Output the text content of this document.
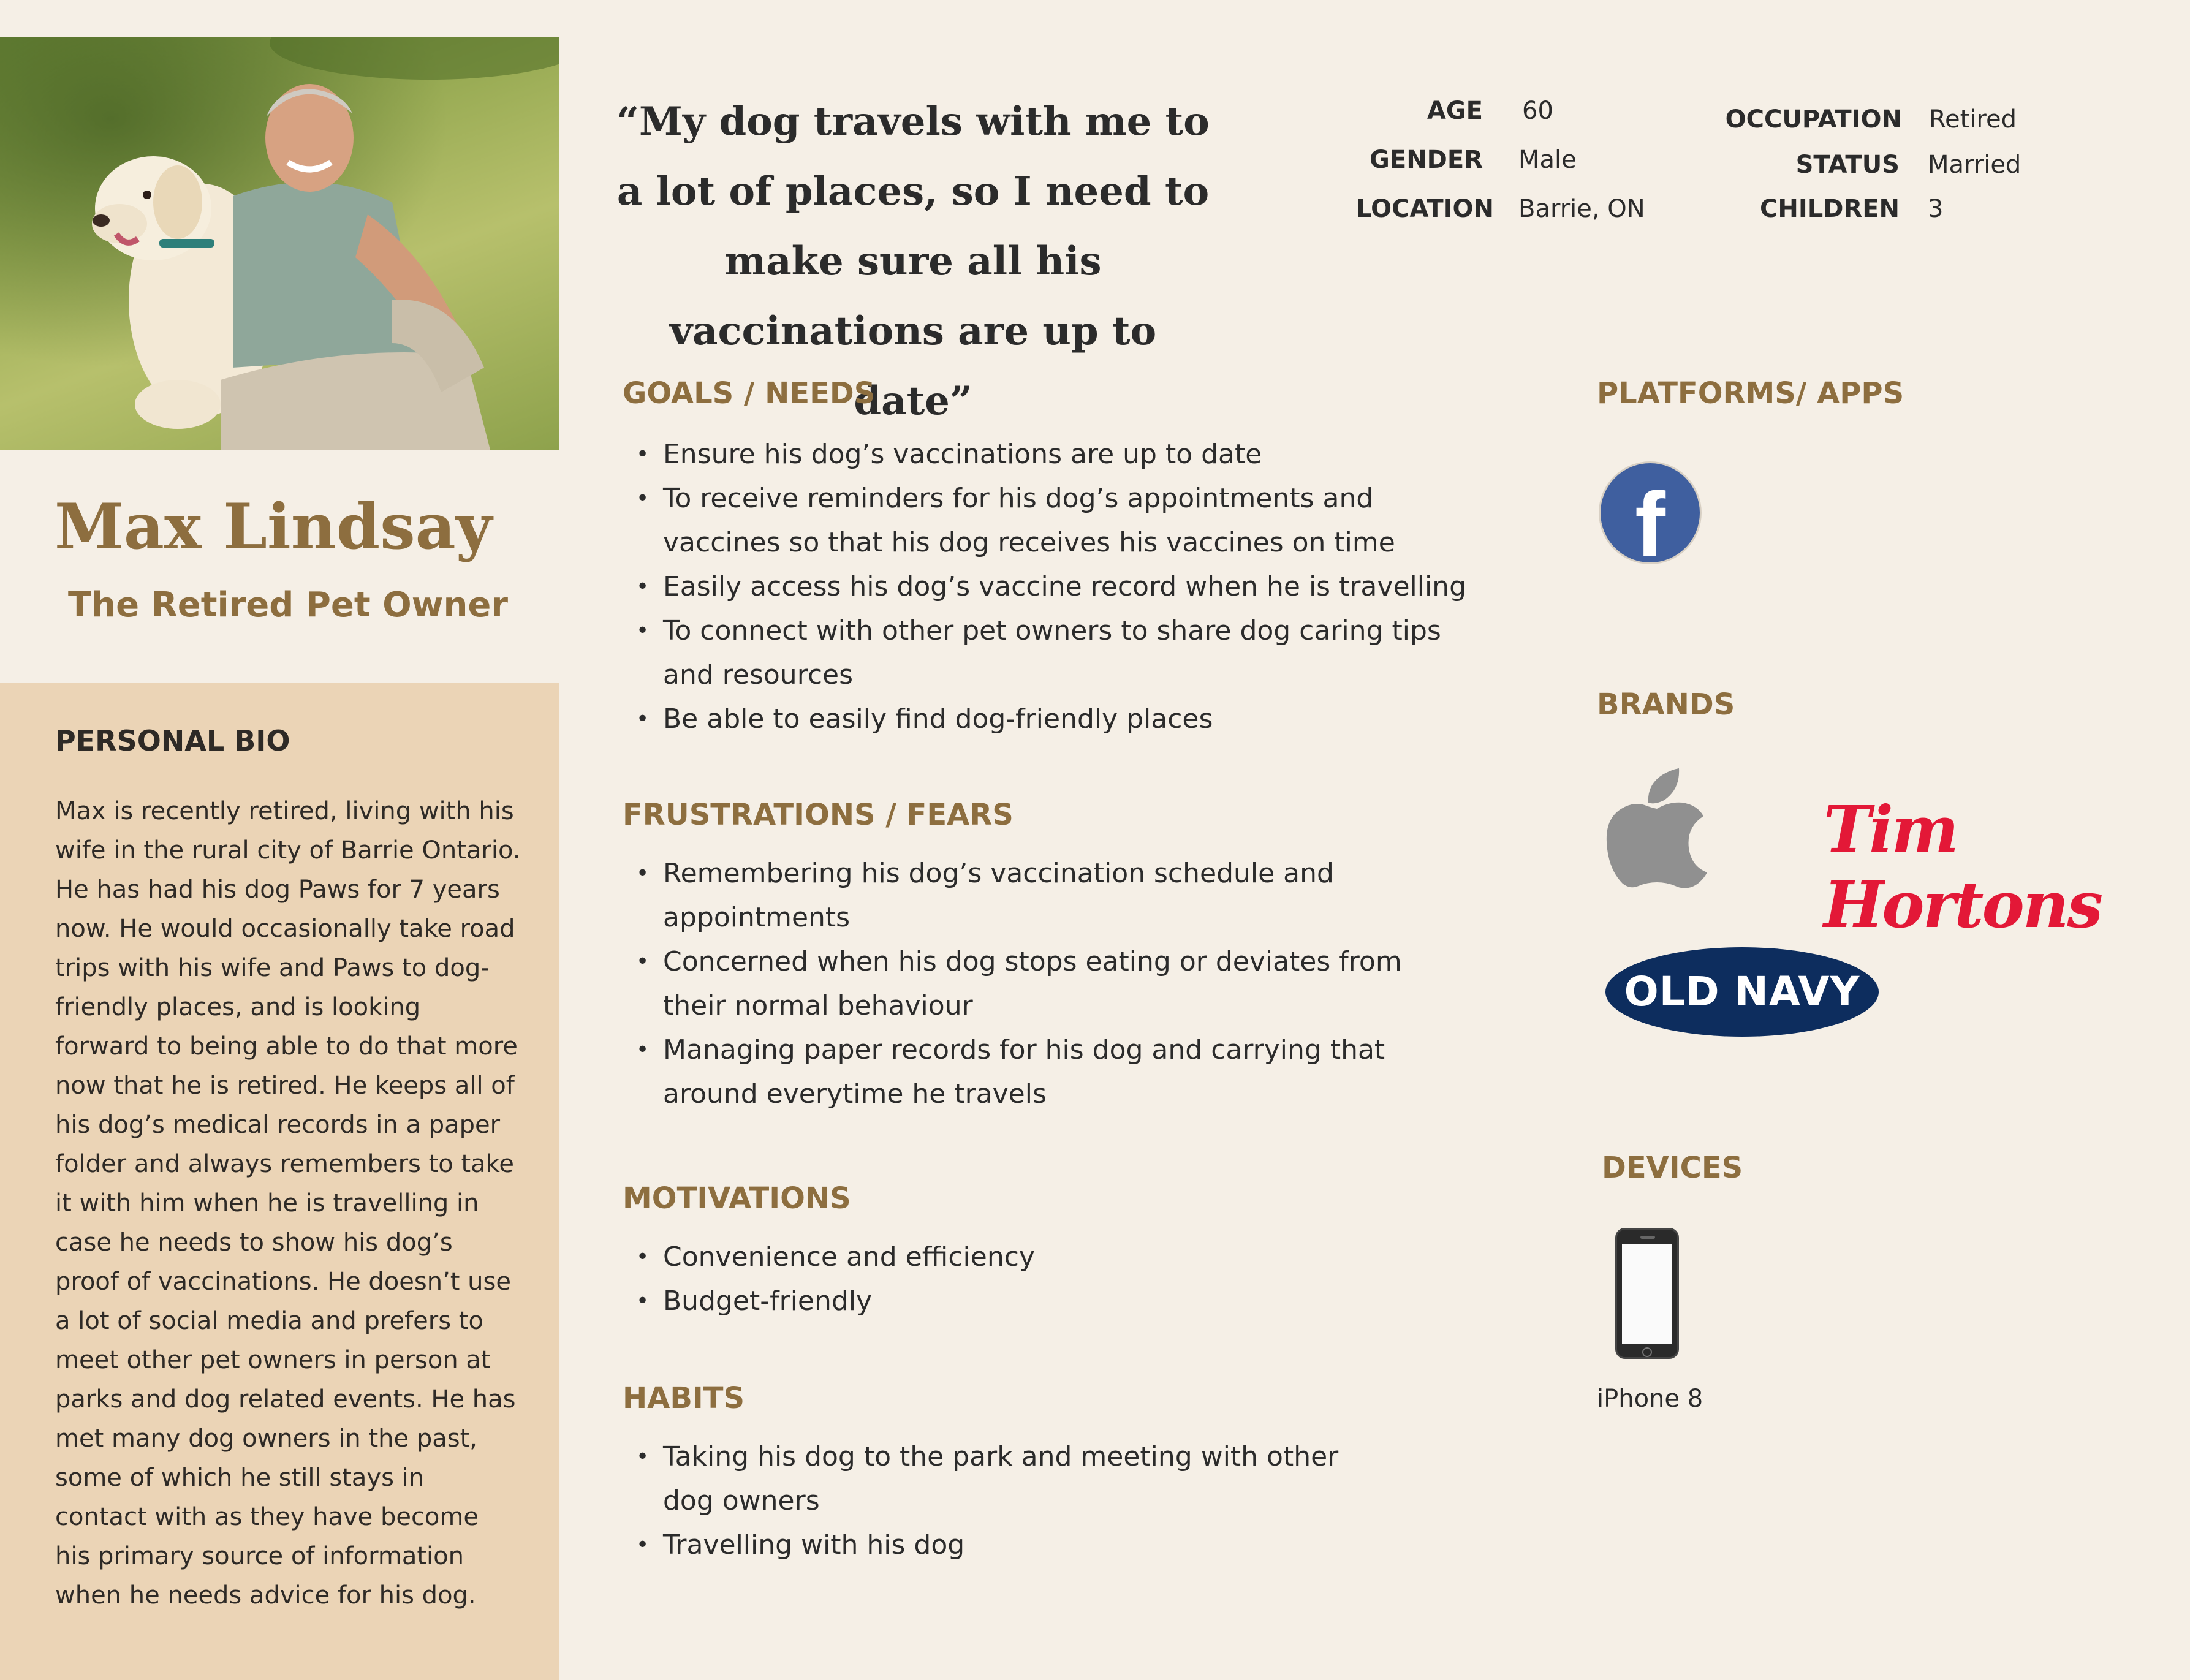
Max Lindsay
The Retired Pet Owner
PERSONAL BIO
Max is recently retired, living with his wife in the rural city of Barrie Ontario. He has had his dog Paws for 7 years now. He would occasionally take road trips with his wife and Paws to dog-friendly places, and is looking forward to being able to do that more now that he is retired. He keeps all of his dog’s medical records in a paper folder and always remembers to take it with him when he is travelling in case he needs to show his dog’s proof of vaccinations. He doesn’t use a lot of social media and prefers to meet other pet owners in person at parks and dog related events. He has met many dog owners in the past, some of which he still stays in contact with as they have become his primary source of information when he needs advice for his dog.
“My dog travels with me to a lot of places, so I need to make sure all his vaccinations are up to date”
AGE 60
GENDER Male
LOCATION Barrie, ON
OCCUPATION Retired
STATUS Married
CHILDREN 3
GOALS / NEEDS
• Ensure his dog’s vaccinations are up to date
• To receive reminders for his dog’s appointments and vaccines so that his dog receives his vaccines on time
• Easily access his dog’s vaccine record when he is travelling
• To connect with other pet owners to share dog caring tips and resources
• Be able to easily find dog-friendly places
FRUSTRATIONS / FEARS
• Remembering his dog’s vaccination schedule and appointments
• Concerned when his dog stops eating or deviates from their normal behaviour
• Managing paper records for his dog and carrying that around everytime he travels
MOTIVATIONS
• Convenience and efficiency
• Budget-friendly
HABITS
• Taking his dog to the park and meeting with other dog owners
• Travelling with his dog
PLATFORMS/ APPS
f
BRANDS
Tim Hortons
OLD NAVY
DEVICES
iPhone 8
